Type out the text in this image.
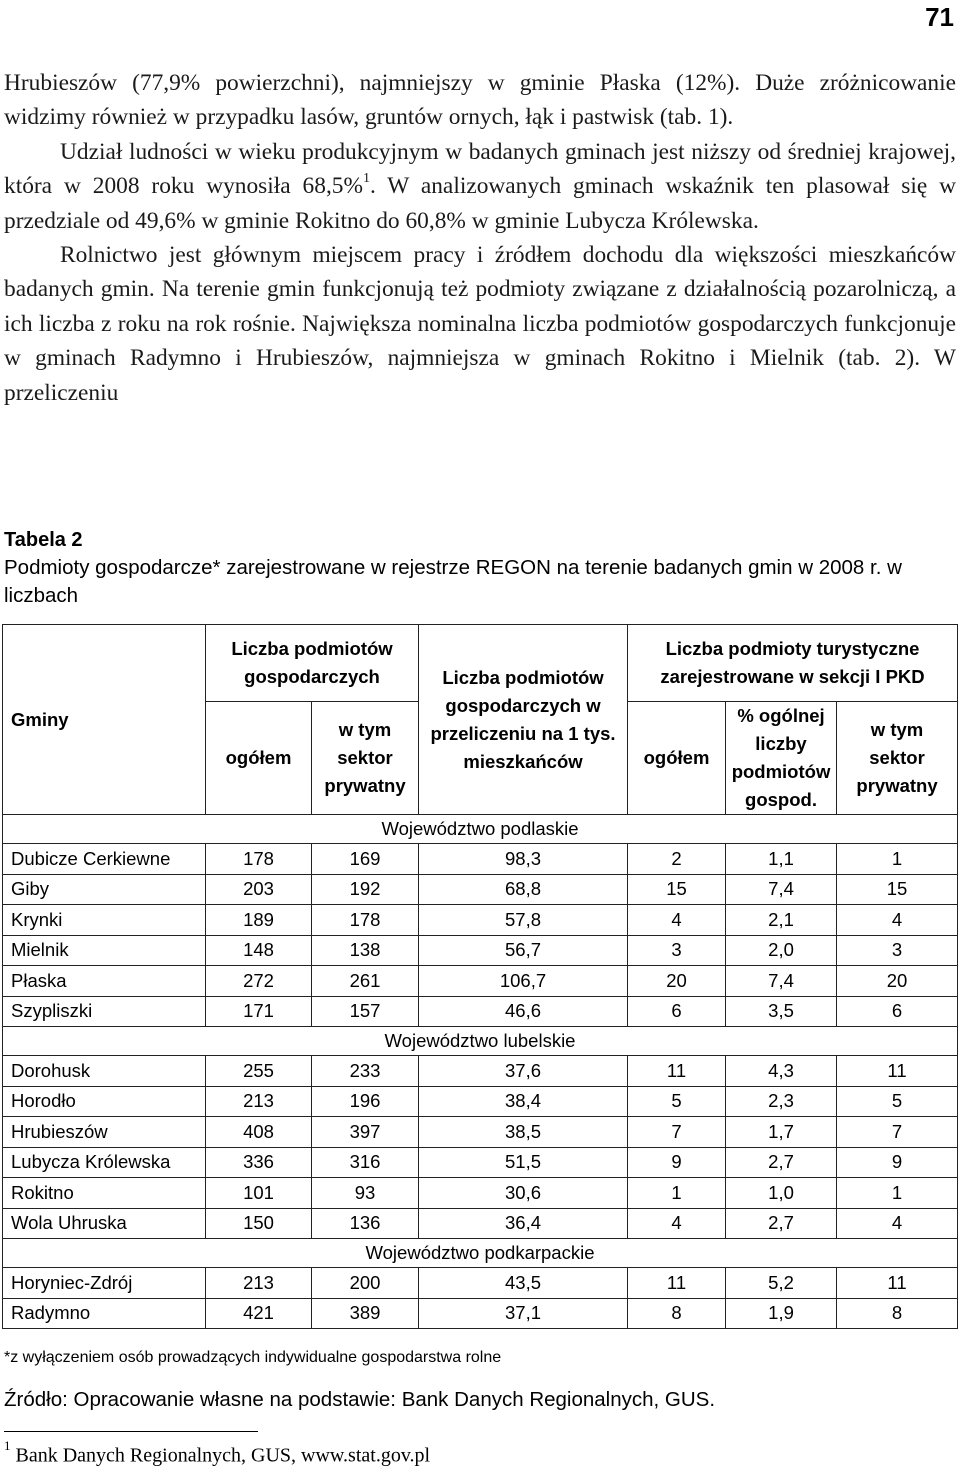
71

Hrubieszów (77,9% powierzchni), najmniejszy w gminie Płaska (12%). Duże zróżnicowanie widzimy również w przypadku lasów, gruntów ornych, łąk i pastwisk (tab. 1).

Udział ludności w wieku produkcyjnym w badanych gminach jest niższy od średniej krajowej, która w 2008 roku wynosiła 68,5%$^1$. W analizowanych gminach wskaźnik ten plasował się w przedziale od 49,6% w gminie Rokitno do 60,8% w gminie Lubycza Królewska.

Rolnictwo jest głównym miejscem pracy i źródłem dochodu dla większości mieszkańców badanych gmin. Na terenie gmin funkcjonują też podmioty związane z działalnością pozarolniczą, a ich liczba z roku na rok rośnie. Największa nominalna liczba podmiotów gospodarczych funkcjonuje w gminach Radymno i Hrubieszów, najmniejsza w gminach Rokitno i Mielnik (tab. 2). W przeliczeniu

Tabela 2
Podmioty gospodarcze* zarejestrowane w rejestrze REGON na terenie badanych gmin w 2008 r. w liczbach
Gminy	Liczba podmiotów gospodarczych		Liczba podmiotów gospodarczych w przeliczeniu na 1 tys. mieszkańców	Liczba podmioty turystyczne zarejestrowane w sekcji I PKD		
	ogółem	w tym sektor prywatny		ogółem	% ogólnej liczby podmiotów gospod.	w tym sektor prywatny
Województwo podlaskie						
Dubicze Cerkiewne	178	169	98,3	2	1,1	1
Giby	203	192	68,8	15	7,4	15
Krynki	189	178	57,8	4	2,1	4
Mielnik	148	138	56,7	3	2,0	3
Płaska	272	261	106,7	20	7,4	20
Szypliszki	171	157	46,6	6	3,5	6
Województwo lubelskie						
Dorohusk	255	233	37,6	11	4,3	11
Horodło	213	196	38,4	5	2,3	5
Hrubieszów	408	397	38,5	7	1,7	7
Lubycza Królewska	336	316	51,5	9	2,7	9
Rokitno	101	93	30,6	1	1,0	1
Wola Uhruska	150	136	36,4	4	2,7	4
Województwo podkarpackie						
Horyniec-Zdrój	213	200	43,5	11	5,2	11
Radymno	421	389	37,1	8	1,9	8
*z wyłączeniem osób prowadzących indywidualne gospodarstwa rolne
Źródło: Opracowanie własne na podstawie: Bank Danych Regionalnych, GUS.
$^1$ Bank Danych Regionalnych, GUS, www.stat.gov.pl
